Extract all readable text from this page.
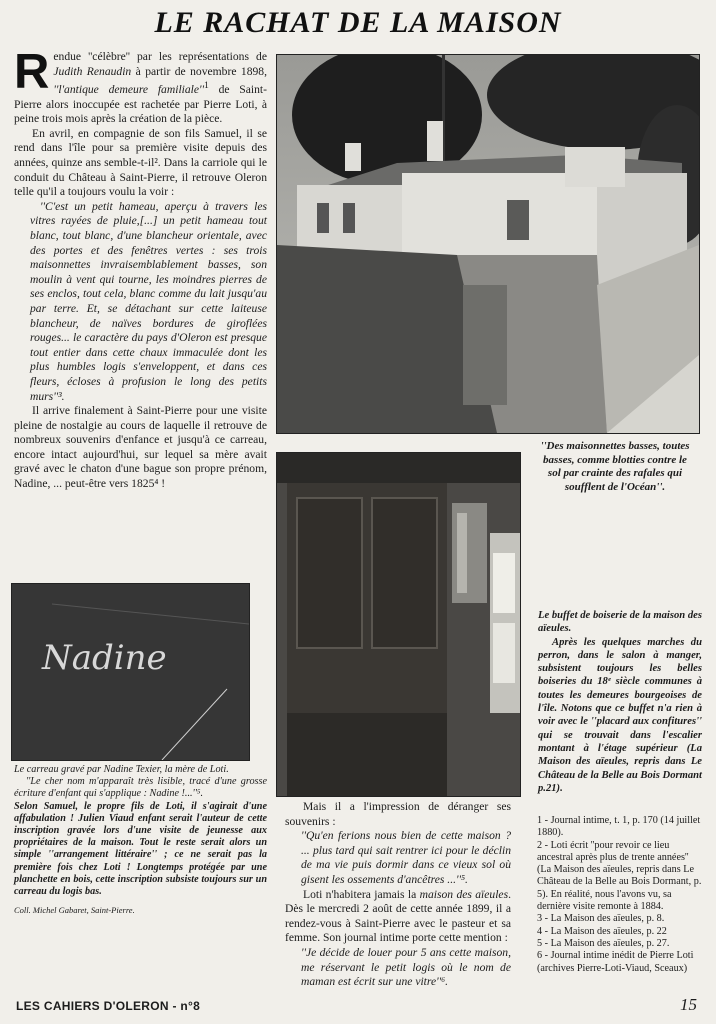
LE RACHAT DE LA MAISON

Rendue ''célèbre'' par les représentations de Judith Renaudin à partir de novembre 1898, ''l'antique demeure $familiale''^1$ de Saint-Pierre alors inoccupée est rachetée par Pierre Loti, à peine trois mois après la création de la pièce.

En avril, en compagnie de son fils Samuel, il se rend dans l'île pour sa première visite depuis des années, quinze ans semble-t-il². Dans la carriole qui le conduit du Château à Saint-Pierre, il retrouve Oleron telle qu'il a toujours voulu la voir :

''C'est un petit hameau, aperçu à travers les vitres rayées de pluie,[...] un petit hameau tout blanc, tout blanc, d'une blancheur orientale, avec des portes et des fenêtres vertes : ses trois maisonnettes invraisemblablement basses, son moulin à vent qui tourne, les moindres pierres de ses enclos, tout cela, blanc comme du lait jusqu'au par terre. Et, se détachant sur cette laiteuse blancheur, de naïves bordures de giroflées rouges... le caractère du pays d'Oleron est presque tout entier dans cette chaux immaculée dont les plus humbles logis s'enveloppent, et dans ces fleurs, écloses à profusion le long des petits murs''³.

Il arrive finalement à Saint-Pierre pour une visite pleine de nostalgie au cours de laquelle il retrouve de nombreux souvenirs d'enfance et jusqu'à ce carreau, encore intact aujourd'hui, sur lequel sa mère avait gravé avec le chaton d'une bague son propre prénom, Nadine, ... peut-être vers 1825⁴ !

''Des maisonnettes basses, toutes basses, comme blotties contre le sol par crainte des rafales qui soufflent de l'Océan''.
Nadine

Le buffet de boiserie de la maison des aïeules.

Après les quelques marches du perron, dans le salon à manger, subsistent toujours les belles boiseries du 18ᵉ siècle communes à toutes les demeures bourgeoises de l'île. Notons que ce buffet n'a rien à voir avec le ''placard aux confitures'' qui se trouvait dans l'escalier montant à l'étage supérieur (La Maison des aïeules, repris dans Le Château de la Belle au Bois Dormant p.21).

Le carreau gravé par Nadine Texier, la mère de Loti.

''Le cher nom m'apparaît très lisible, tracé d'une grosse écriture d'enfant qui s'applique : Nadine !...''⁵.

Selon Samuel, le propre fils de Loti, il s'agirait d'une affabulation ! Julien Viaud enfant serait l'auteur de cette inscription gravée lors d'une visite de jeunesse aux propriétaires de la maison. Tout le reste serait alors un simple ''arrangement littéraire'' ; ce ne serait pas la première fois chez Loti ! Longtemps protégée par une planchette en bois, cette inscription subsiste toujours sur un carreau du logis bas.

Coll. Michel Gabaret, Saint-Pierre.

Mais il a l'impression de déranger ses souvenirs :

''Qu'en ferions nous bien de cette maison ? ... plus tard qui sait rentrer ici pour le déclin de ma vie puis dormir dans ce vieux sol où gisent les ossements d'ancêtres ...''⁵.

Loti n'habitera jamais la maison des aïeules. Dès le mercredi 2 août de cette année 1899, il a rendez-vous à Saint-Pierre avec le pasteur et sa femme. Son journal intime porte cette mention :

''Je décide de louer pour 5 ans cette maison, me réservant le petit logis où le nom de maman est écrit sur une vitre''⁶.

1 - Journal intime, t. 1, p. 170 (14 juillet 1880).

2 - Loti écrit ''pour revoir ce lieu ancestral après plus de trente années'' (La Maison des aïeules, repris dans Le Château de la Belle au Bois Dormant, p. 5). En réalité, nous l'avons vu, sa dernière visite remonte à 1884.

3 - La Maison des aïeules, p. 8.

4 - La Maison des aïeules, p. 22

5 - La Maison des aïeules, p. 27.

6 - Journal intime inédit de Pierre Loti (archives Pierre-Loti-Viaud, Sceaux)

LES CAHIERS D'OLERON - n°8	15
